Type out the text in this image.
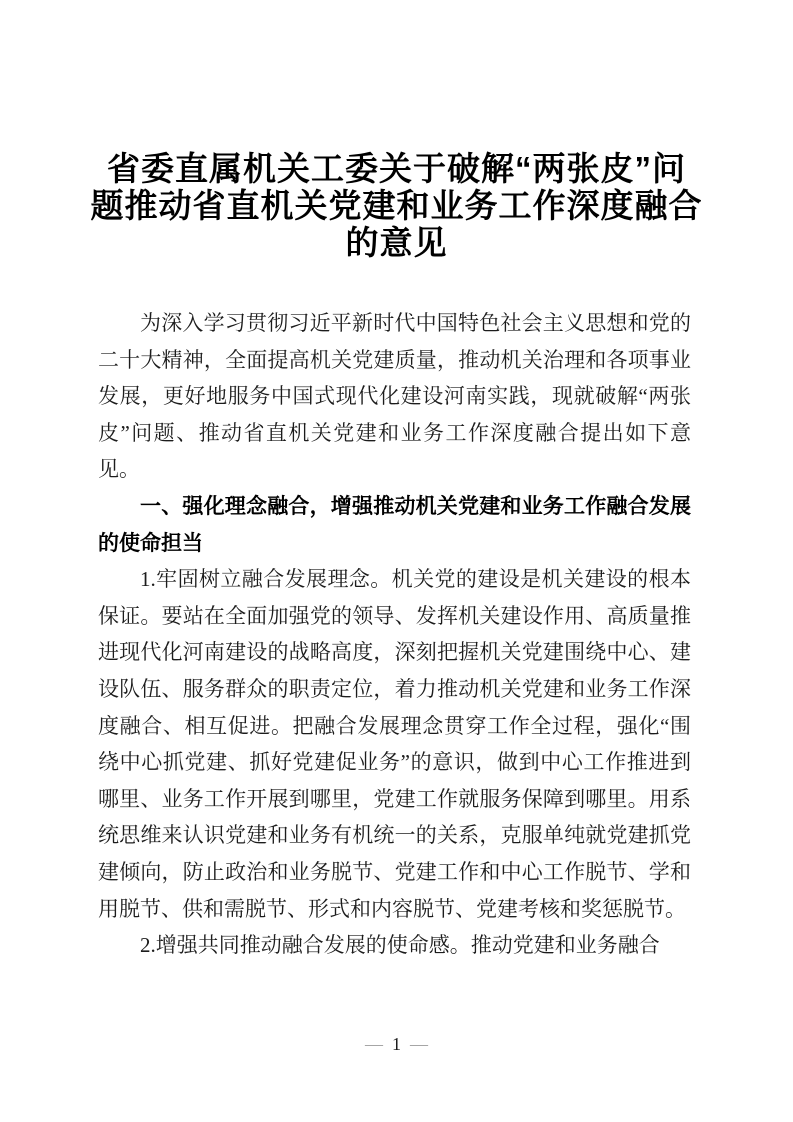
省委直属机关工委关于破解“两张皮”问
题推动省直机关党建和业务工作深度融合
的意见

为深入学习贯彻习近平新时代中国特色社会主义思想和党的二十大精神，全面提高机关党建质量，推动机关治理和各项事业发展，更好地服务中国式现代化建设河南实践，现就破解“两张皮”问题、推动省直机关党建和业务工作深度融合提出如下意见。

一、强化理念融合，增强推动机关党建和业务工作融合发展的使命担当

1.牢固树立融合发展理念。机关党的建设是机关建设的根本保证。要站在全面加强党的领导、发挥机关建设作用、高质量推进现代化河南建设的战略高度，深刻把握机关党建围绕中心、建设队伍、服务群众的职责定位，着力推动机关党建和业务工作深度融合、相互促进。把融合发展理念贯穿工作全过程，强化“围绕中心抓党建、抓好党建促业务”的意识，做到中心工作推进到哪里、业务工作开展到哪里，党建工作就服务保障到哪里。用系统思维来认识党建和业务有机统一的关系，克服单纯就党建抓党建倾向，防止政治和业务脱节、党建工作和中心工作脱节、学和用脱节、供和需脱节、形式和内容脱节、党建考核和奖惩脱节。

2.增强共同推动融合发展的使命感。推动党建和业务融合

— 1 —
